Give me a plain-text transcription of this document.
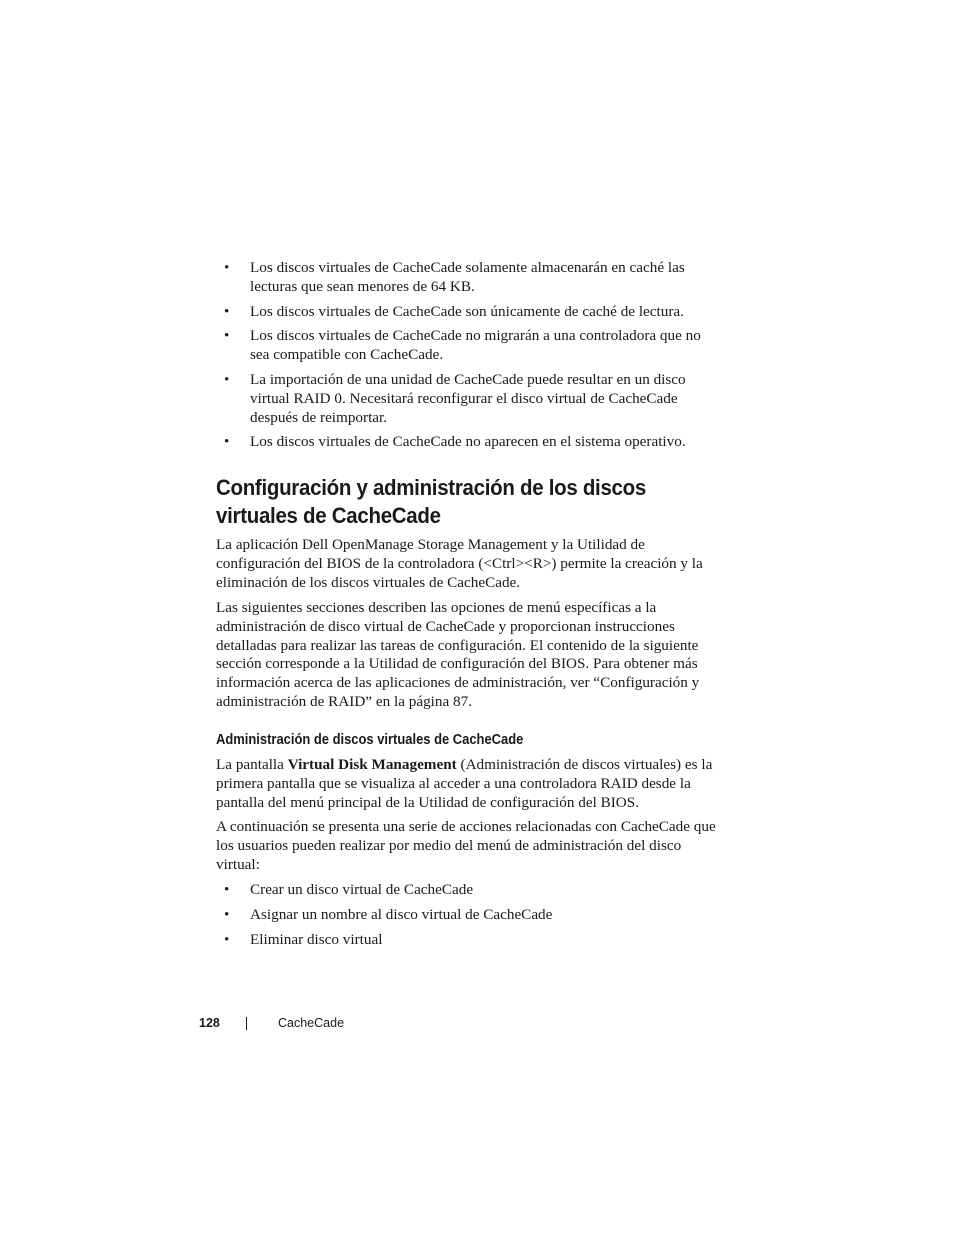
• Los discos virtuales de CacheCade solamente almacenarán en caché las lecturas que sean menores de 64 KB.
• Los discos virtuales de CacheCade son únicamente de caché de lectura.
• Los discos virtuales de CacheCade no migrarán a una controladora que no sea compatible con CacheCade.
• La importación de una unidad de CacheCade puede resultar en un disco virtual RAID 0. Necesitará reconfigurar el disco virtual de CacheCade después de reimportar.
• Los discos virtuales de CacheCade no aparecen en el sistema operativo.
Configuración y administración de los discos virtuales de CacheCade

La aplicación Dell OpenManage Storage Management y la Utilidad de configuración del BIOS de la controladora (<Ctrl><R>) permite la creación y la eliminación de los discos virtuales de CacheCade.

Las siguientes secciones describen las opciones de menú específicas a la administración de disco virtual de CacheCade y proporcionan instrucciones detalladas para realizar las tareas de configuración. El contenido de la siguiente sección corresponde a la Utilidad de configuración del BIOS. Para obtener más información acerca de las aplicaciones de administración, ver “Configuración y administración de RAID” en la página 87.

Administración de discos virtuales de CacheCade

La pantalla Virtual Disk Management (Administración de discos virtuales) es la primera pantalla que se visualiza al acceder a una controladora RAID desde la pantalla del menú principal de la Utilidad de configuración del BIOS.

A continuación se presenta una serie de acciones relacionadas con CacheCade que los usuarios pueden realizar por medio del menú de administración del disco virtual:

• Crear un disco virtual de CacheCade
• Asignar un nombre al disco virtual de CacheCade
• Eliminar disco virtual
128	CacheCade
